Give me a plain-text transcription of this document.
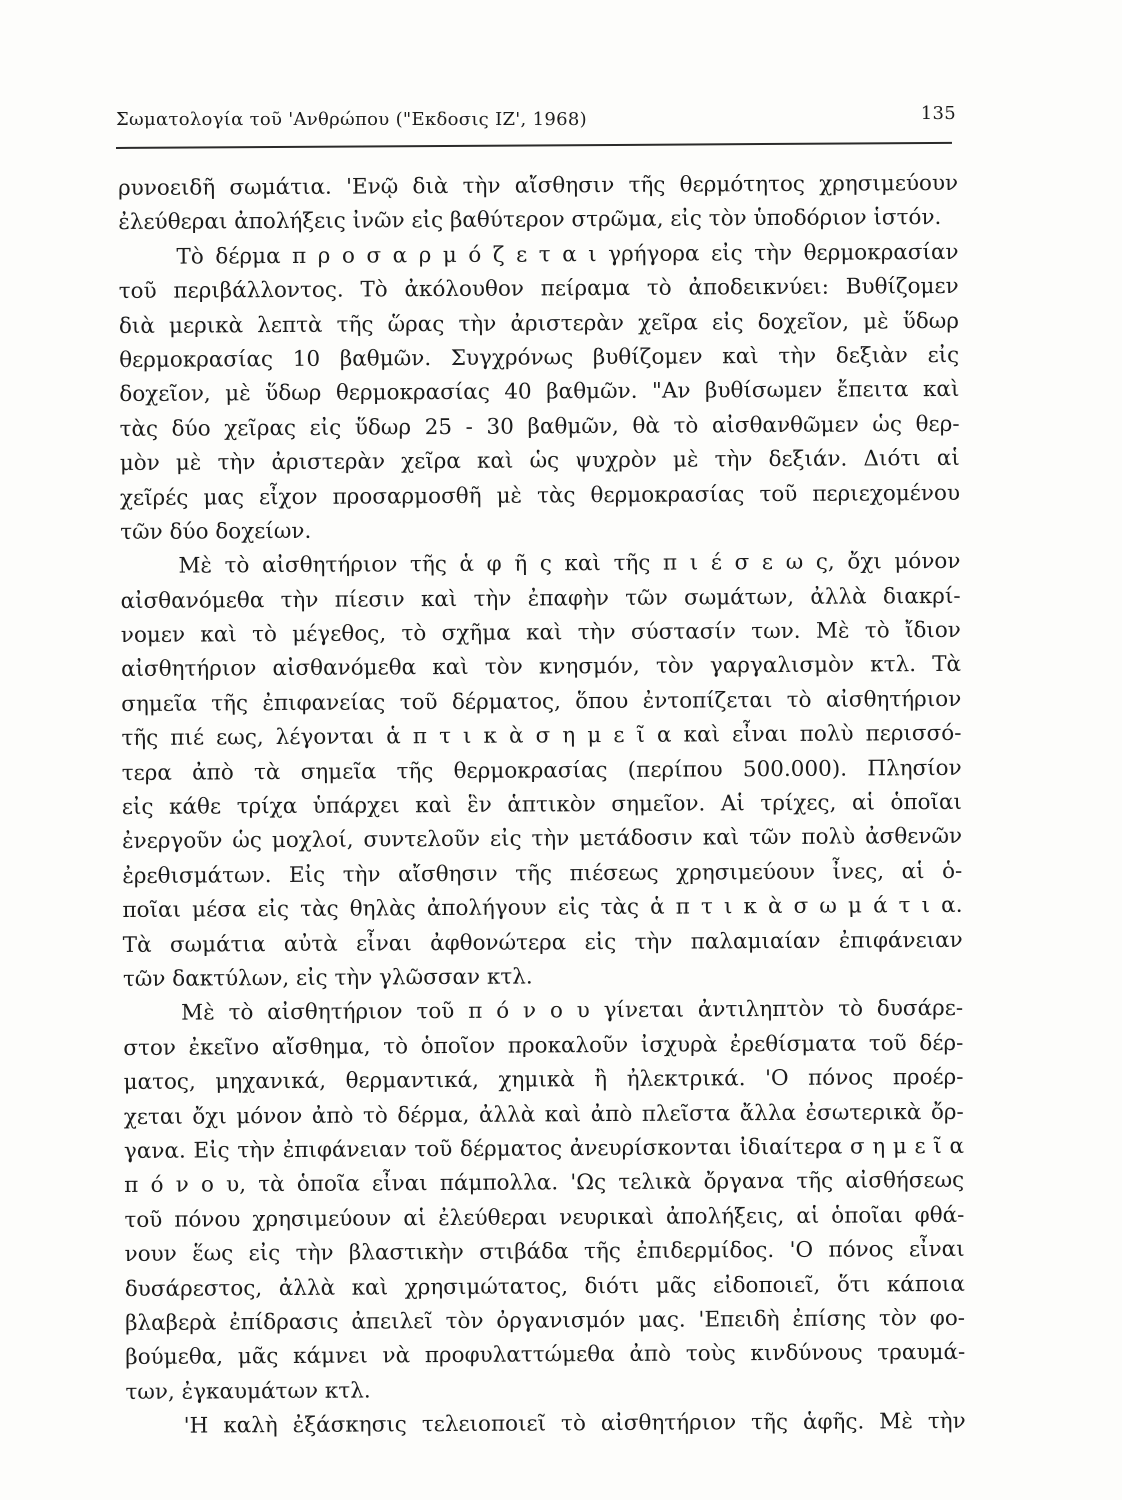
Σωματολογία τοῦ 'Ανθρώπου ("Εκδοσις ΙΖ', 1968)	135
ρυνοειδῆ σωμάτια. 'Ενῷ διὰ τὴν αἴσθησιν τῆς θερμότητος χρησιμεύουν
ἐλεύθεραι ἀπολήξεις ἰνῶν εἰς βαθύτερον στρῶμα, εἰς τὸν ὑποδόριον ἱστόν.
Τὸ δέρμα π ρ ο σ α ρ μ ό ζ ε τ α ι γρήγορα εἰς τὴν θερμοκρασίαν
τοῦ περιβάλλοντος. Τὸ ἀκόλουθον πείραμα τὸ ἀποδεικνύει: Βυθίζομεν
διὰ μερικὰ λεπτὰ τῆς ὥρας τὴν ἀριστερὰν χεῖρα εἰς δοχεῖον, μὲ ὕδωρ
θερμοκρασίας 10 βαθμῶν. Συγχρόνως βυθίζομεν καὶ τὴν δεξιὰν εἰς
δοχεῖον, μὲ ὕδωρ θερμοκρασίας 40 βαθμῶν. "Αν βυθίσωμεν ἔπειτα καὶ
τὰς δύο χεῖρας εἰς ὕδωρ 25 - 30 βαθμῶν, θὰ τὸ αἰσθανθῶμεν ὡς θερ-
μὸν μὲ τὴν ἀριστερὰν χεῖρα καὶ ὡς ψυχρὸν μὲ τὴν δεξιάν. Διότι αἱ
χεῖρές μας εἶχον προσαρμοσθῆ μὲ τὰς θερμοκρασίας τοῦ περιεχομένου
τῶν δύο δοχείων.
Μὲ τὸ αἰσθητήριον τῆς ἁ φ ῆ ς καὶ τῆς π ι έ σ ε ω ς, ὄχι μόνον
αἰσθανόμεθα τὴν πίεσιν καὶ τὴν ἐπαφὴν τῶν σωμάτων, ἀλλὰ διακρί-
νομεν καὶ τὸ μέγεθος, τὸ σχῆμα καὶ τὴν σύστασίν των. Μὲ τὸ ἴδιον
αἰσθητήριον αἰσθανόμεθα καὶ τὸν κνησμόν, τὸν γαργαλισμὸν κτλ. Τὰ
σημεῖα τῆς ἐπιφανείας τοῦ δέρματος, ὅπου ἐντοπίζεται τὸ αἰσθητήριον
τῆς πιέ εως, λέγονται ἁ π τ ι κ ὰ σ η μ ε ῖ α καὶ εἶναι πολὺ περισσό-
τερα ἀπὸ τὰ σημεῖα τῆς θερμοκρασίας (περίπου 500.000). Πλησίον
εἰς κάθε τρίχα ὑπάρχει καὶ ἓν ἁπτικὸν σημεῖον. Αἱ τρίχες, αἱ ὁποῖαι
ἐνεργοῦν ὡς μοχλοί, συντελοῦν εἰς τὴν μετάδοσιν καὶ τῶν πολὺ ἀσθενῶν
ἐρεθισμάτων. Εἰς τὴν αἴσθησιν τῆς πιέσεως χρησιμεύουν ἶνες, αἱ ὁ-
ποῖαι μέσα εἰς τὰς θηλὰς ἀπολήγουν εἰς τὰς ἁ π τ ι κ ὰ σ ω μ ά τ ι α.
Τὰ σωμάτια αὐτὰ εἶναι ἀφθονώτερα εἰς τὴν παλαμιαίαν ἐπιφάνειαν
τῶν δακτύλων, εἰς τὴν γλῶσσαν κτλ.
Μὲ τὸ αἰσθητήριον τοῦ π ό ν ο υ γίνεται ἀντιληπτὸν τὸ δυσάρε-
στον ἐκεῖνο αἴσθημα, τὸ ὁποῖον προκαλοῦν ἰσχυρὰ ἐρεθίσματα τοῦ δέρ-
ματος, μηχανικά, θερμαντικά, χημικὰ ἢ ἠλεκτρικά. 'Ο πόνος προέρ-
χεται ὄχι μόνον ἀπὸ τὸ δέρμα, ἀλλὰ καὶ ἀπὸ πλεῖστα ἄλλα ἐσωτερικὰ ὄρ-
γανα. Εἰς τὴν ἐπιφάνειαν τοῦ δέρματος ἀνευρίσκονται ἰδιαίτερα σ η μ ε ῖ α
π ό ν ο υ, τὰ ὁποῖα εἶναι πάμπολλα. 'Ως τελικὰ ὄργανα τῆς αἰσθήσεως
τοῦ πόνου χρησιμεύουν αἱ ἐλεύθεραι νευρικαὶ ἀπολήξεις, αἱ ὁποῖαι φθά-
νουν ἕως εἰς τὴν βλαστικὴν στιβάδα τῆς ἐπιδερμίδος. 'Ο πόνος εἶναι
δυσάρεστος, ἀλλὰ καὶ χρησιμώτατος, διότι μᾶς εἰδοποιεῖ, ὅτι κάποια
βλαβερὰ ἐπίδρασις ἀπειλεῖ τὸν ὀργανισμόν μας. 'Επειδὴ ἐπίσης τὸν φο-
βούμεθα, μᾶς κάμνει νὰ προφυλαττώμεθα ἀπὸ τοὺς κινδύνους τραυμά-
των, ἐγκαυμάτων κτλ.
'Η καλὴ ἐξάσκησις τελειοποιεῖ τὸ αἰσθητήριον τῆς ἁφῆς. Μὲ τὴν
